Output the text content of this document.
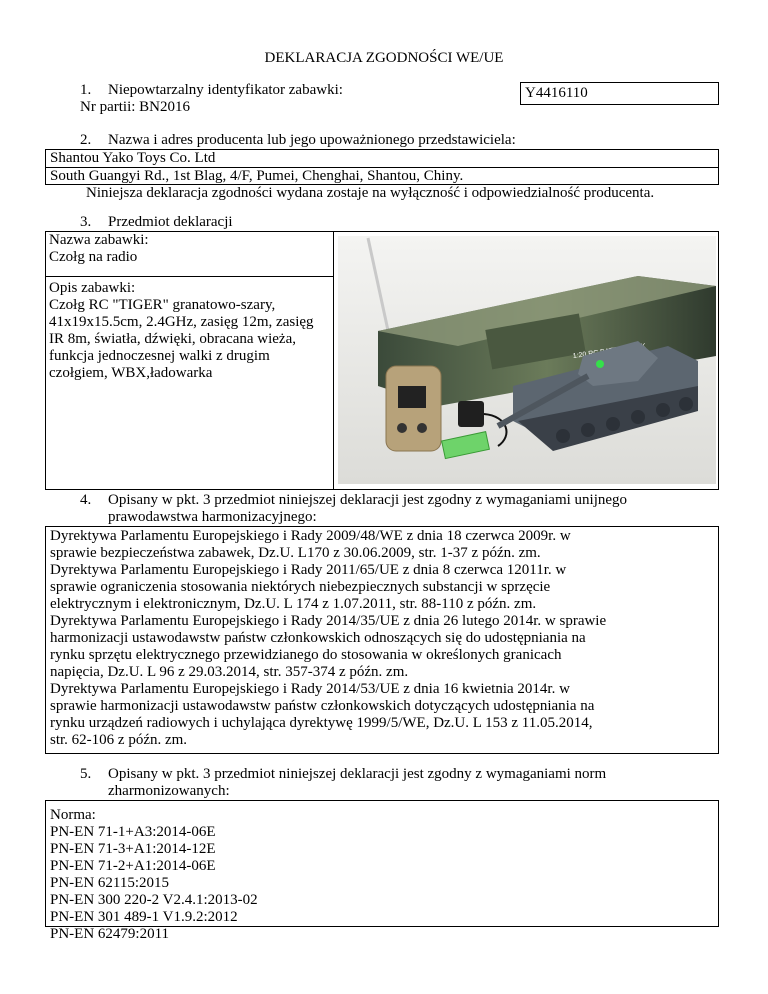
DEKLARACJA ZGODNOŚCI WE/UE
1. Niepowtarzalny identyfikator zabawki:
Nr partii: BN2016
Y4416110
2. Nazwa i adres producenta lub jego upoważnionego przedstawiciela:
Shantou Yako Toys Co. Ltd
South Guangyi Rd., 1st Blag, 4/F, Pumei, Chenghai, Shantou, Chiny.
Niniejsza deklaracja zgodności wydana zostaje na wyłączność i odpowiedzialność producenta.
3. Przedmiot deklaracji
Nazwa zabawki:
Czołg na radio
Opis zabawki:
Czołg RC "TIGER" granatowo-szary,
41x19x15.5cm, 2.4GHz, zasięg 12m, zasięg
IR 8m, światła, dźwięki, obracana wieża,
funkcja jednoczesnej walki z drugim
czołgiem, WBX,ładowarka
1:20
4. Opisany w pkt. 3 przedmiot niniejszej deklaracji jest zgodny z wymaganiami unijnego
prawodawstwa harmonizacyjnego:
Dyrektywa Parlamentu Europejskiego i Rady 2009/48/WE z dnia 18 czerwca 2009r. w
sprawie bezpieczeństwa zabawek, Dz.U. L170 z 30.06.2009, str. 1-37 z późn. zm.
Dyrektywa Parlamentu Europejskiego i Rady 2011/65/UE z dnia 8 czerwca 12011r. w
sprawie ograniczenia stosowania niektórych niebezpiecznych substancji w sprzęcie
elektrycznym i elektronicznym, Dz.U. L 174 z 1.07.2011, str. 88-110 z późn. zm.
Dyrektywa Parlamentu Europejskiego i Rady 2014/35/UE z dnia 26 lutego 2014r. w sprawie
harmonizacji ustawodawstw państw członkowskich odnoszących się do udostępniania na
rynku sprzętu elektrycznego przewidzianego do stosowania w określonych granicach
napięcia, Dz.U. L 96 z 29.03.2014, str. 357-374 z późn. zm.
Dyrektywa Parlamentu Europejskiego i Rady 2014/53/UE z dnia 16 kwietnia 2014r. w
sprawie harmonizacji ustawodawstw państw członkowskich dotyczących udostępniania na
rynku urządzeń radiowych i uchylająca dyrektywę 1999/5/WE, Dz.U. L 153 z 11.05.2014,
str. 62-106 z późn. zm.
5. Opisany w pkt. 3 przedmiot niniejszej deklaracji jest zgodny z wymaganiami norm
zharmonizowanych:
Norma:
PN-EN 71-1+A3:2014-06E
PN-EN 71-3+A1:2014-12E
PN-EN 71-2+A1:2014-06E
PN-EN 62115:2015
PN-EN 300 220-2 V2.4.1:2013-02
PN-EN 301 489-1 V1.9.2:2012
PN-EN 62479:2011
